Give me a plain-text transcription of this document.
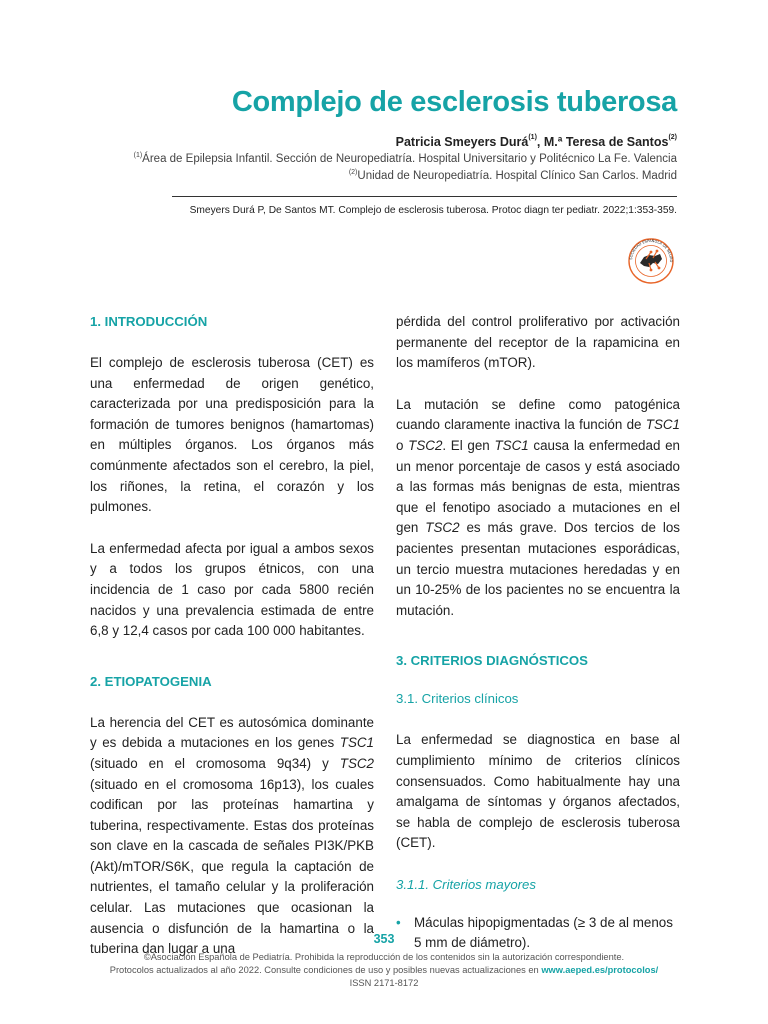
Complejo de esclerosis tuberosa
Patricia Smeyers Durá$^{(1)}$, M.ª Teresa de Santos$^{(2)}$
$^{(1)}$Área de Epilepsia Infantil. Sección de Neuropediatría. Hospital Universitario y Politécnico La Fe. Valencia
$^{(2)}$Unidad de Neuropediatría. Hospital Clínico San Carlos. Madrid
Smeyers Durá P, De Santos MT. Complejo de esclerosis tuberosa. Protoc diagn ter pediatr. 2022;1:353-359.
SOCIEDAD ESPAÑOLA DE NEURO
1. INTRODUCCIÓN

El complejo de esclerosis tuberosa (CET) es una enfermedad de origen genético, caracterizada por una predisposición para la formación de tumores benignos (hamartomas) en múltiples órganos. Los órganos más comúnmente afectados son el cerebro, la piel, los riñones, la retina, el corazón y los pulmones.

La enfermedad afecta por igual a ambos sexos y a todos los grupos étnicos, con una incidencia de 1 caso por cada 5800 recién nacidos y una prevalencia estimada de entre 6,8 y 12,4 casos por cada 100 000 habitantes.

2. ETIOPATOGENIA

La herencia del CET es autosómica dominante y es debida a mutaciones en los genes TSC1 (situado en el cromosoma 9q34) y TSC2 (situado en el cromosoma 16p13), los cuales codifican por las proteínas hamartina y tuberina, respectivamente. Estas dos proteínas son clave en la cascada de señales PI3K/PKB (Akt)/mTOR/S6K, que regula la captación de nutrientes, el tamaño celular y la proliferación celular. Las mutaciones que ocasionan la ausencia o disfunción de la hamartina o la tuberina dan lugar a una

pérdida del control proliferativo por activación permanente del receptor de la rapamicina en los mamíferos (mTOR).

La mutación se define como patogénica cuando claramente inactiva la función de TSC1 o TSC2. El gen TSC1 causa la enfermedad en un menor porcentaje de casos y está asociado a las formas más benignas de esta, mientras que el fenotipo asociado a mutaciones en el gen TSC2 es más grave. Dos tercios de los pacientes presentan mutaciones esporádicas, un tercio muestra mutaciones heredadas y en un 10-25% de los pacientes no se encuentra la mutación.

3. CRITERIOS DIAGNÓSTICOS
3.1. Criterios clínicos

La enfermedad se diagnostica en base al cumplimiento mínimo de criterios clínicos consensuados. Como habitualmente hay una amalgama de síntomas y órganos afectados, se habla de complejo de esclerosis tuberosa (CET).

3.1.1. Criterios mayores
• Máculas hipopigmentadas (≥ 3 de al menos 5 mm de diámetro).
353
©Asociación Española de Pediatría. Prohibida la reproducción de los contenidos sin la autorización correspondiente.
Protocolos actualizados al año 2022. Consulte condiciones de uso y posibles nuevas actualizaciones en www.aeped.es/protocolos/
ISSN 2171-8172
